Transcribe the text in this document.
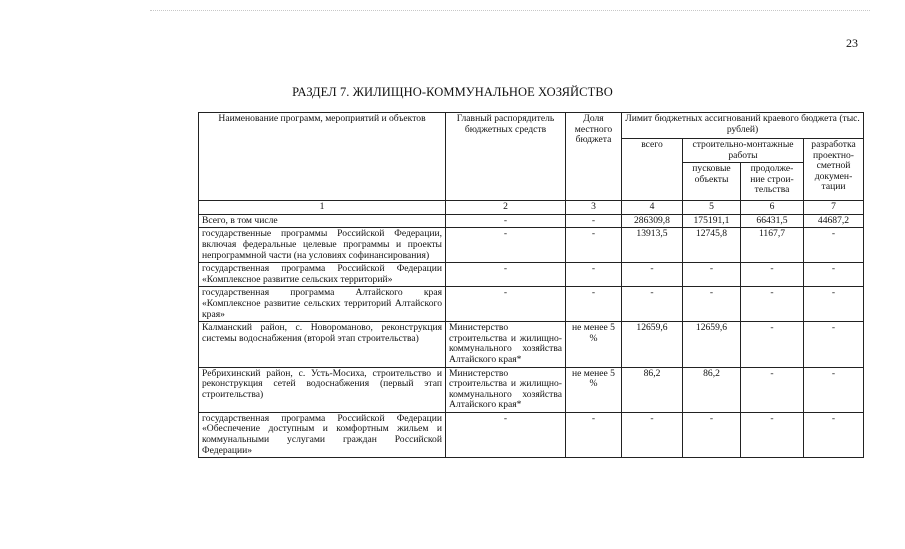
23
РАЗДЕЛ 7. ЖИЛИЩНО-КОММУНАЛЬНОЕ ХОЗЯЙСТВО
Наименование программ, мероприятий и объектов	Главный распорядитель бюджетных средств	Доля местного бюджета	Лимит бюджетных ассигнований краевого бюджета (тыс. рублей)			
			всего	строительно-монтажные работы		разработка проектно-сметной докумен-тации
				пусковые объекты	продолже-ние строи-тельства	
1	2	3	4	5	6	7
Всего, в том числе	-	-	286309,8	175191,1	66431,5	44687,2
государственные программы Российской Федерации, включая федеральные целевые программы и проекты непрограммной части (на условиях софинансирования)	-	-	13913,5	12745,8	1167,7	-
государственная программа Российской Федерации «Комплексное развитие сельских территорий»	-	-	-	-	-	-
государственная программа Алтайского края «Комплексное развитие сельских территорий Алтайского края»	-	-	-	-	-	-
Калманский район, с. Новороманово, реконструкция системы водоснабжения (второй этап строительства)	Министерство строительства и жилищно-коммунального хозяйства Алтайского края*	не менее 5 %	12659,6	12659,6	-	-
Ребрихинский район, с. Усть-Мосиха, строительство и реконструкция сетей водоснабжения (первый этап строительства)	Министерство строительства и жилищно-коммунального хозяйства Алтайского края*	не менее 5 %	86,2	86,2	-	-
государственная программа Российской Федерации «Обеспечение доступным и комфортным жильем и коммунальными услугами граждан Российской Федерации»	-	-	-	-	-	-
